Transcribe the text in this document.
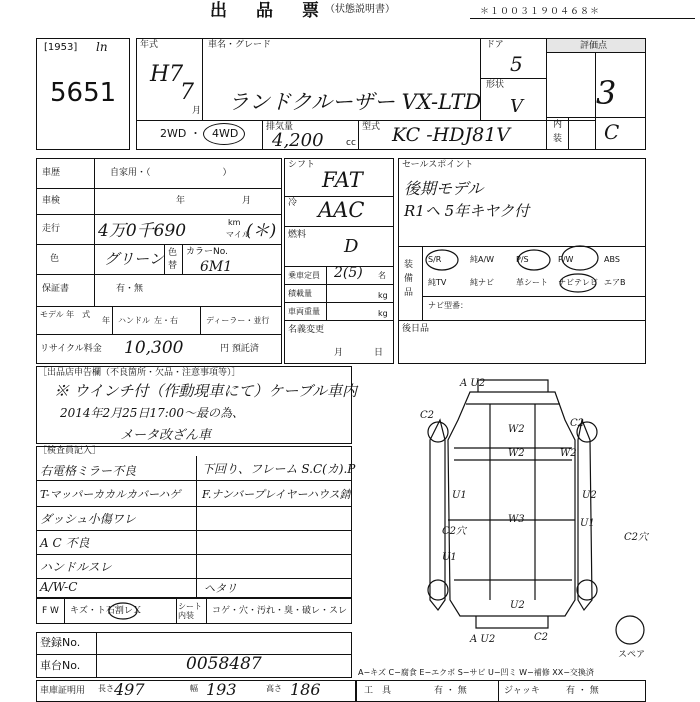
出　品　票 （状態説明書）	＊１００３１９０４６８＊
[1953] ln
5651
年式
H7
7
月
車名・グレード
ランドクルーザー VX-LTD
ドア
5
形状
V
評価点
3
内
装 C
2WD ・ 4WD	排気量
4,200 cc
型式 KC -HDJ81V
車歴	自家用・（　　　　　　　　）
車検	年	月
走行 4万0千690	km
マイル
(＊)
色	グリーン 色
替
カラーNo.
6M1
保証書	有・無
モデル 年　式
年 ハンドル 左・右	ディーラー・並行
リサイクル料金 10,300	円 預託済
シフト
FAT
冷 AAC
燃料
D
乗車定員 2(5) 名
積載量	kg
車両重量	kg
名義変更
月	日
セールスポイント
後期モデル
R1ヘ 5年キヤク付
装備品
S/R	純A/W	P/S	P/W	ABS
純TV	純ナビ	革シート ナビテレビ エアB
ナビ型番：
後日品
［出品店申告欄（不良箇所・欠品・注意事項等）］
※ ウインチ付（作動現車にて）ケーブル車内
2014年2月25日17:00～最の為、
メータ改ざん車
［検査員記入］
右電格ミラー不良	下回り、フレーム S.C(カ).P
T-マッパーカカルカバーハゲ F.ナンバープレイヤーハウス錆
ダッシュ小傷ワレ
A C 不良
ハンドルスレ
A/W-C	ヘタリ
F W キズ・ト石割レＸ	シート内装	コゲ・穴・汚れ・臭・破レ・スレ
登録No.
車台No.	0058487
車庫証明用 長さ 497	幅 193	高さ 186
A−キズ C−腐食 E−エクボ S−サビ U−凹ミ W−補修 XX−交換済
工　具	有 ・ 無	ジャッキ	有 ・ 無
A U2
W2
C2
W2
C2
W2
U2
U1
W3	U1
C2穴
C2穴
U1
U2
A U2	C2
スペア
